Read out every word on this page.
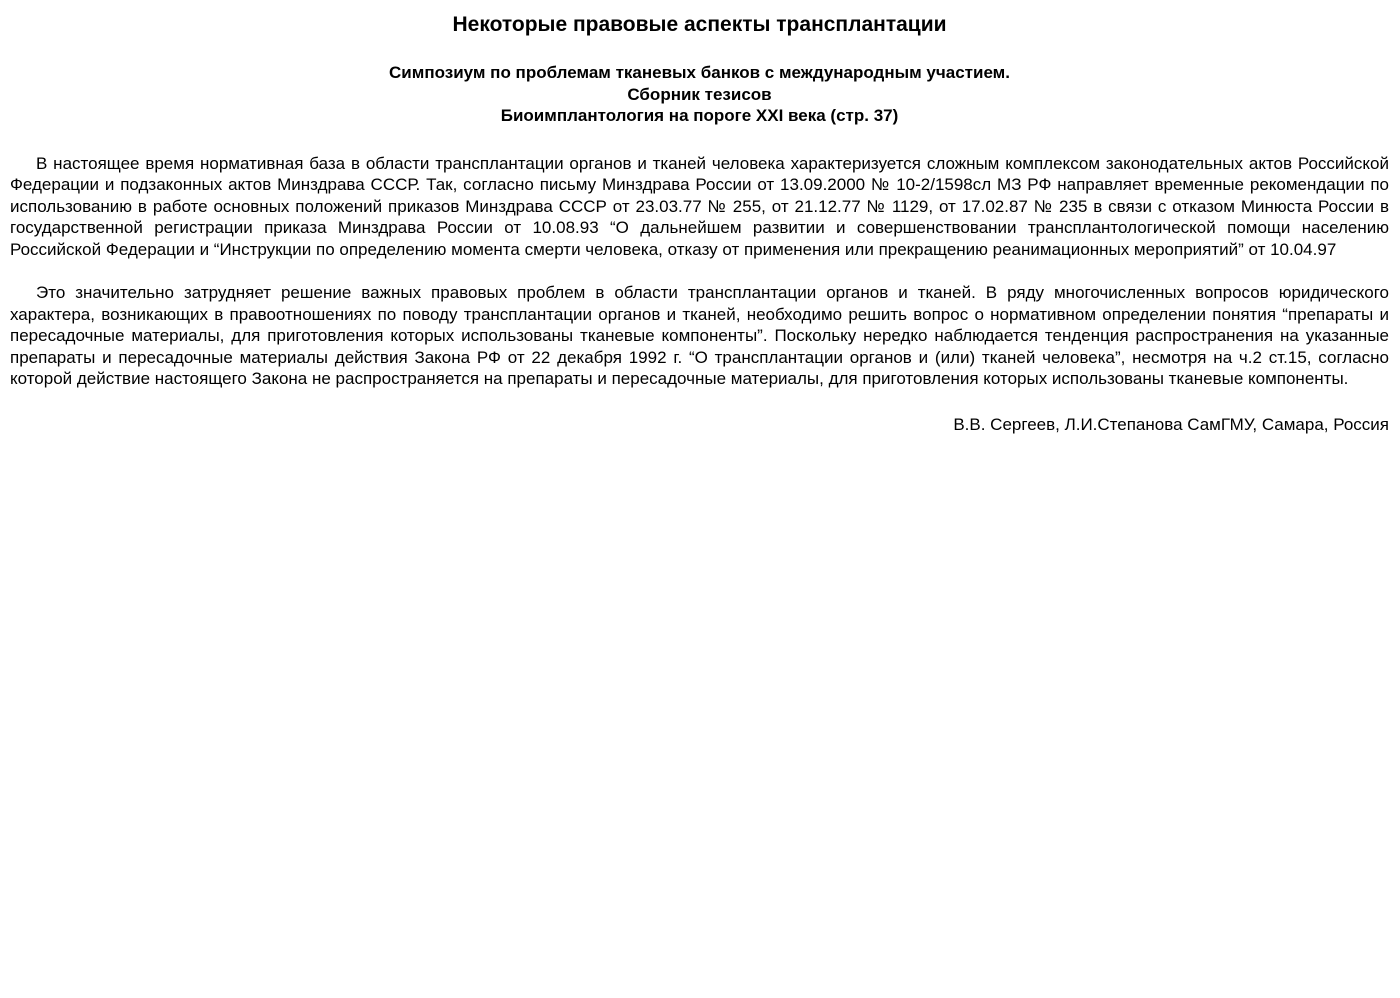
Некоторые правовые аспекты трансплантации
Симпозиум по проблемам тканевых банков с международным участием.
Сборник тезисов
Биоимплантология на пороге XXI века (стр. 37)

В настоящее время нормативная база в области трансплантации органов и тканей человека характеризуется сложным комплексом законодательных актов Российской Федерации и подзаконных актов Минздрава СССР. Так, согласно письму Минздрава России от 13.09.2000 № 10-2/1598сл МЗ РФ направляет временные рекомендации по использованию в работе основных положений приказов Минздрава СССР от 23.03.77 № 255, от 21.12.77 № 1129, от 17.02.87 № 235 в связи с отказом Минюста России в государственной регистрации приказа Минздрава России от 10.08.93 “О дальнейшем развитии и совершенствовании трансплантологической помощи населению Российской Федерации и “Инструкции по определению момента смерти человека, отказу от применения или прекращению реанимационных мероприятий” от 10.04.97

Это значительно затрудняет решение важных правовых проблем в области трансплантации органов и тканей. В ряду многочисленных вопросов юридического характера, возникающих в правоотношениях по поводу трансплантации органов и тканей, необходимо решить вопрос о нормативном определении понятия “препараты и пересадочные материалы, для приготовления которых использованы тканевые компоненты”. Поскольку нередко наблюдается тенденция распространения на указанные препараты и пересадочные материалы действия Закона РФ от 22 декабря 1992 г. “О трансплантации органов и (или) тканей человека”, несмотря на ч.2 ст.15, согласно которой действие настоящего Закона не распространяется на препараты и пересадочные материалы, для приготовления которых использованы тканевые компоненты.

В.В. Сергеев, Л.И.Степанова СамГМУ, Самара, Россия
